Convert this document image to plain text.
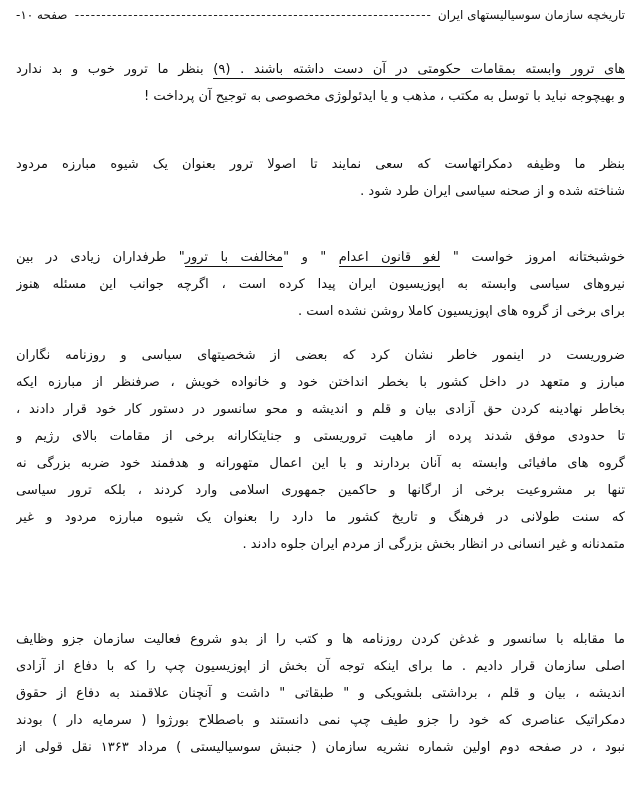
تاریخچه سازمان سوسیالیستهای ایران
-----
صفحه ۱۰-
های ترور وابسته بمقامات حکومتی در آن دست داشته باشند . (۹) بنظر ما ترور خوب و بد ندارد
و بهیچوجه نباید با توسل به مکتب ، مذهب و یا ایدئولوژی مخصوصی به توجیح آن پرداخت !
بنظر ما وظیفه دمکراتهاست که سعی نمایند تا اصولا ترور بعنوان یک شیوه مبارزه مردود
شناخته شده و از صحنه سیاسی ایران طرد شود .
خوشبختانه امروز خواست " لغو قانون اعدام " و "مخالفت با ترور" طرفداران زیادی در بین
نیروهای سیاسی وابسته به اپوزیسیون ایران پیدا کرده است ، اگرچه جوانب این مسئله هنوز
برای برخی از گروه های اپوزیسیون کاملا روشن نشده است .
ضروریست در اینمور خاطر نشان کرد که بعضی از شخصیتهای سیاسی و روزنامه نگاران
مبارز و متعهد در داخل کشور با بخطر انداختن خود و خانواده خویش ، صرفنظر از مبارزه ایکه
بخاطر نهادینه کردن حق آزادی بیان و قلم و اندیشه و محو سانسور در دستور کار خود قرار دادند ،
تا حدودی موفق شدند پرده از ماهیت تروریستی و جنایتکارانه برخی از مقامات بالای رژیم و
گروه های مافیائی وابسته به آنان بردارند و با این اعمال متهورانه و هدفمند خود ضربه بزرگی نه
تنها بر مشروعیت برخی از ارگانها و حاکمین جمهوری اسلامی وارد کردند ، بلکه ترور سیاسی
که سنت طولانی در فرهنگ و تاریخ کشور ما دارد را بعنوان یک شیوه مبارزه مردود و غیر
متمدنانه و غیر انسانی در انظار بخش بزرگی از مردم ایران جلوه دادند .
ما مقابله با سانسور و غدغن کردن روزنامه ها و کتب را از بدو شروع فعالیت سازمان جزو وظایف
اصلی سازمان قرار دادیم . ما برای اینکه توجه آن بخش از اپوزیسیون چپ را که با دفاع از آزادی
اندیشه ، بیان و قلم ، برداشتی بلشویکی و " طبقاتی " داشت و آنچنان علاقمند به دفاع از حقوق
دمکراتیک عناصری که خود را جزو طیف چپ نمی دانستند و باصطلاح بورژوا ( سرمایه دار ) بودند
نبود ، در صفحه دوم اولین شماره نشریه سازمان ( جنبش سوسیالیستی ) مرداد ۱۳۶۳ نقل قولی از
